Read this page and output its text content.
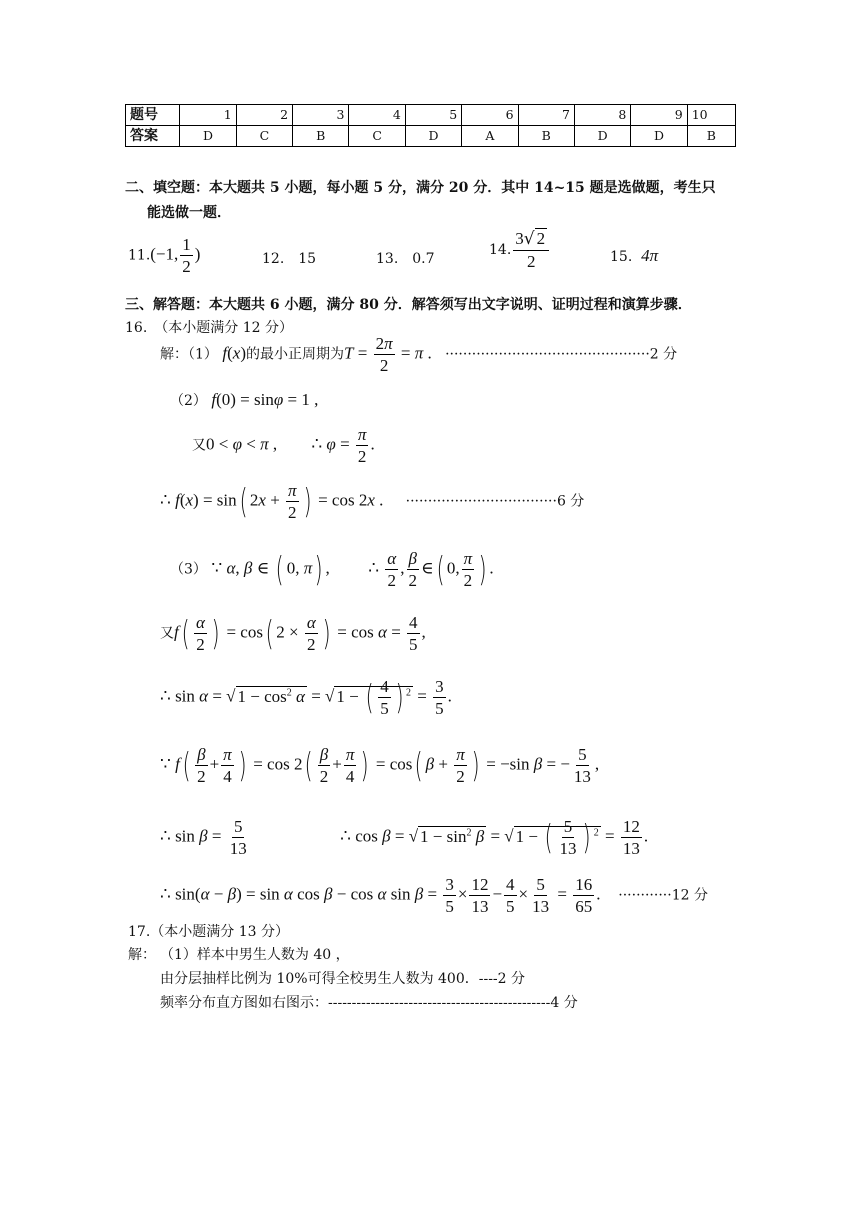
题号	1	2	3	4	5	6	7	8	9	10
答案	D	C	B	C	D	A	B	D	D	B
二、填空题：本大题共 5 小题，每小题 5 分，满分 20 分．其中 14~15 题是选做题，考生只
能选做一题．
11.(−1, $\frac{1}{2}$ )	12.　15	13.　0.7
14. $\frac{3√ 2}{2}$	15. 4π
三、解答题：本大题共 6 小题，满分 80 分．解答须写出文字说明、证明过程和演算步骤．
16.　（本小题满分 12 分）
解：（1） f(x)的最小正周期为$T = \frac{2\pi}{2} = \pi$ .   ··············································2 分
（2） f(0) = sinφ = 1 ,
又0 < φ < π ,        ∴ $\varphi = \frac{\pi}{2}$ .
∴ f(x) = sin( $2x + \frac{\pi}{2}$ ) = cos 2x .     ··································6 分
（3） ∵ α, β ∈ ( 0, π) ,         ∴ $\frac{\alpha}{2}$ , $\frac{\beta}{2}$ ∈( 0, $\frac{\pi}{2}$ ) .
又$f( \frac{\alpha}{2}$ ) = cos( $2 \times \frac{\alpha}{2}$ ) = $\cos \alpha = \frac{4}{5}$ ,
∴ sin α = √ $1 - \cos^2 \alpha$ = √ 1 − ( $\frac{4}{5}$ ) $^2 = \frac{3}{5}$ .
∵ $f( \frac{\beta}{2} + \frac{\pi}{4}$ ) = $\cos 2( \frac{\beta}{2} + \frac{\pi}{4}$ ) = cos( $\beta + \frac{\pi}{2}$ ) = −sin β = − $\frac{5}{13}$ ,
∴ $\sin \beta = \frac{5}{13}$ ∴ cos β = √ $1 - \sin^2 \beta$ = √ 1 − ( $\frac{5}{13}$ ) $^2 = \frac{12}{13}$ .
∴ sin(α − β) = sin α cos β − cos α $\sin \beta = \frac{3}{5} \times \frac{12}{13} - \frac{4}{5} \times \frac{5}{13} = \frac{16}{65}$ .    ············12 分
17.（本小题满分 13 分）
解： （1）样本中男生人数为 40 ，
由分层抽样比例为 10%可得全校男生人数为 400．----2 分
频率分布直方图如右图示：-----------------------------------------------4 分
